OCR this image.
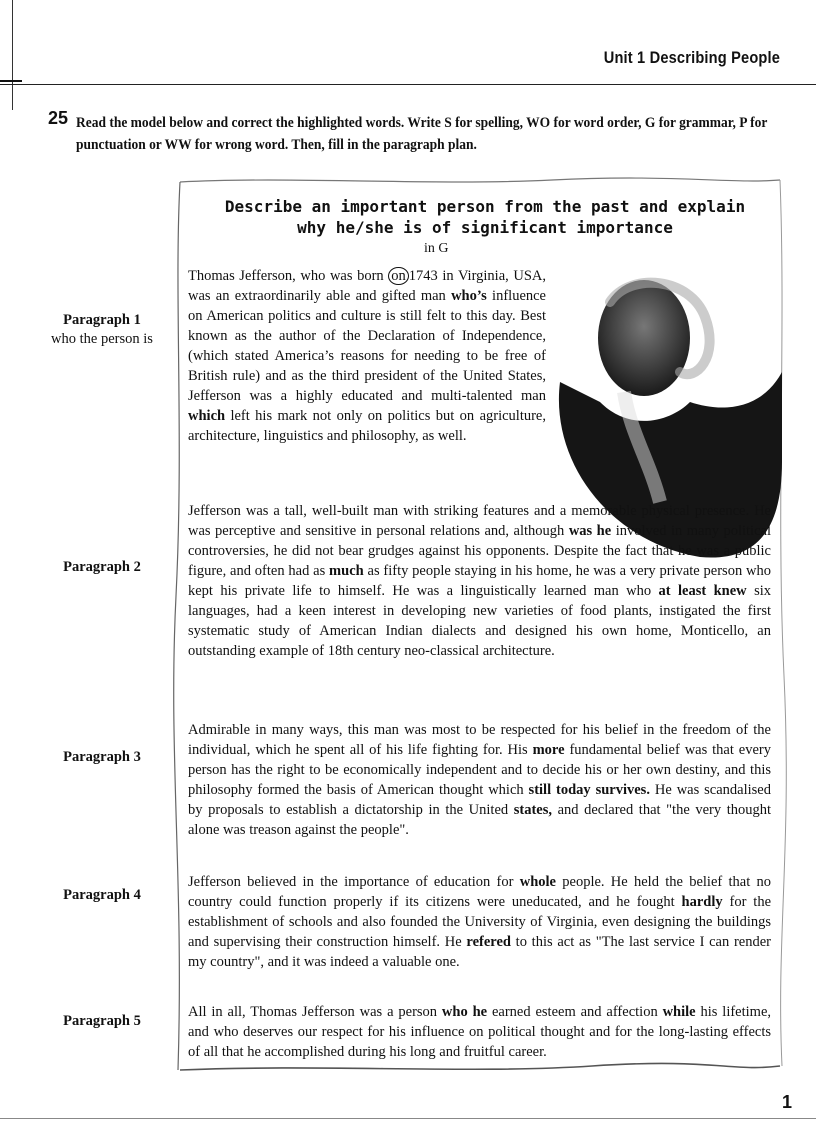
Unit 1 Describing People
25 Read the model below and correct the highlighted words. Write S for spelling, WO for word order, G for grammar, P for punctuation or WW for wrong word. Then, fill in the paragraph plan.
Describe an important person from the past and explain
why he/she is of significant importance
in G

Thomas Jefferson, who was born on 1743 in Virginia, USA, was an extraordinarily able and gifted man who’s influence on American politics and culture is still felt to this day. Best known as the author of the Declaration of Independence, (which stated America’s reasons for needing to be free of British rule) and as the third president of the United States, Jefferson was a highly educated and multi-talented man which left his mark not only on politics but on agriculture, architecture, linguistics and philosophy, as well.

Jefferson was a tall, well-built man with striking features and a memorable physical presence. He was perceptive and sensitive in personal relations and, although was he involved in many political controversies, he did not bear grudges against his opponents. Despite the fact that he was a public figure, and often had as much as fifty people staying in his home, he was a very private person who kept his private life to himself. He was a linguistically learned man who at least knew six languages, had a keen interest in developing new varieties of food plants, instigated the first systematic study of American Indian dialects and designed his own home, Monticello, an outstanding example of 18th century neo-classical architecture.

Admirable in many ways, this man was most to be respected for his belief in the freedom of the individual, which he spent all of his life fighting for. His more fundamental belief was that every person has the right to be economically independent and to decide his or her own destiny, and this philosophy formed the basis of American thought which still today survives. He was scandalised by proposals to establish a dictatorship in the United states, and declared that "the very thought alone was treason against the people".

Jefferson believed in the importance of education for whole people. He held the belief that no country could function properly if its citizens were uneducated, and he fought hardly for the establishment of schools and also founded the University of Virginia, even designing the buildings and supervising their construction himself. He refered to this act as "The last service I can render my country", and it was indeed a valuable one.

All in all, Thomas Jefferson was a person who he earned esteem and affection while his lifetime, and who deserves our respect for his influence on political thought and for the long-lasting effects of all that he accomplished during his long and fruitful career.

Paragraph 1
who the person is
Paragraph 2
Paragraph 3
Paragraph 4
Paragraph 5
1
